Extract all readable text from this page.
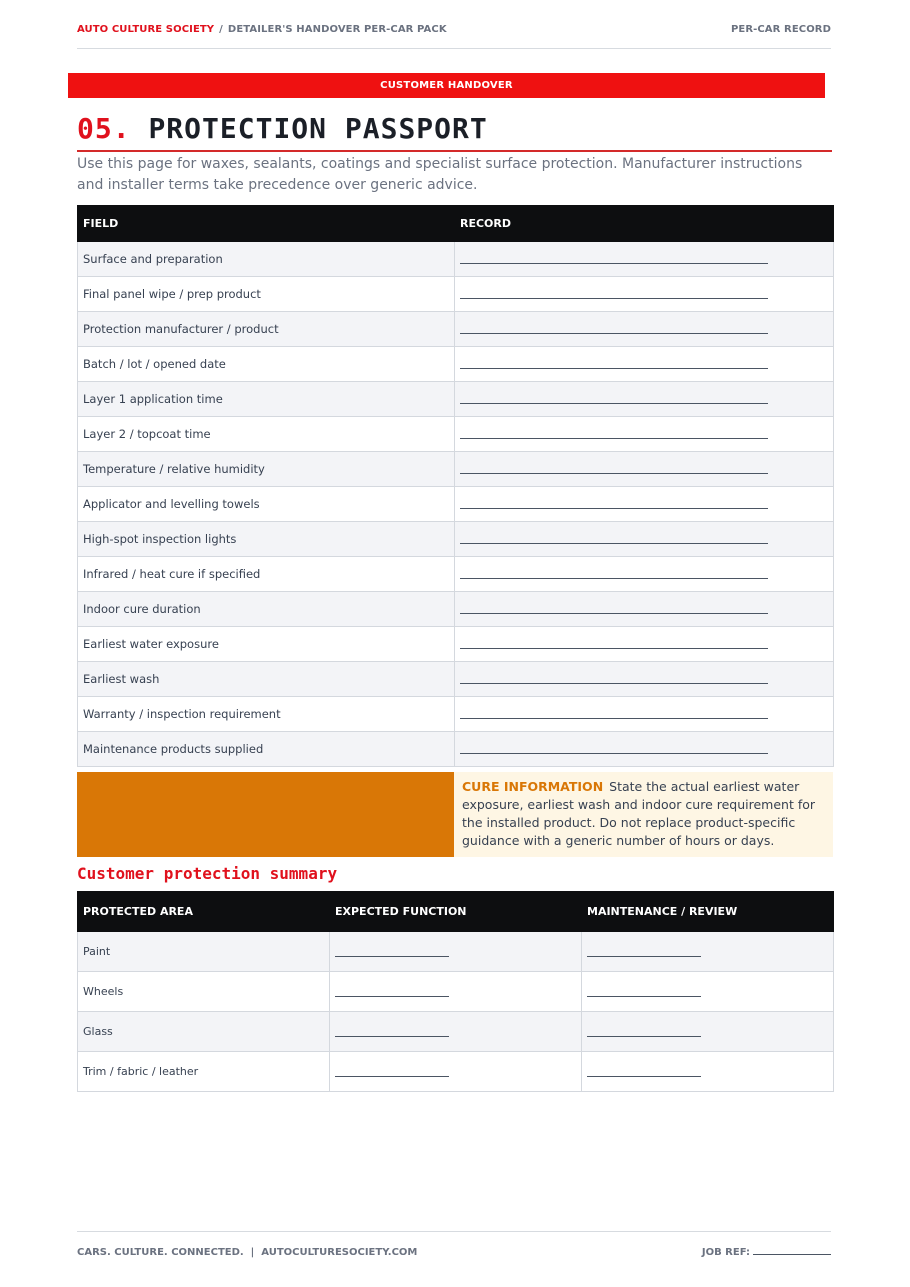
AUTO CULTURE SOCIETY / DETAILER'S HANDOVER PER-CAR PACK	PER-CAR RECORD
CUSTOMER HANDOVER
05.
PROTECTION PASSPORT
Use this page for waxes, sealants, coatings and specialist surface protection. Manufacturer instructions and installer terms take precedence over generic advice.
FIELD	RECORD
Surface and preparation	
Final panel wipe / prep product	
Protection manufacturer / product	
Batch / lot / opened date	
Layer 1 application time	
Layer 2 / topcoat time	
Temperature / relative humidity	
Applicator and levelling towels	
High-spot inspection lights	
Infrared / heat cure if specified	
Indoor cure duration	
Earliest water exposure	
Earliest wash	
Warranty / inspection requirement	
Maintenance products supplied	
CURE INFORMATION State the actual earliest water exposure, earliest wash and indoor cure requirement for the installed product. Do not replace product-specific guidance with a generic number of hours or days.
Customer protection summary
PROTECTED AREA	EXPECTED FUNCTION	MAINTENANCE / REVIEW
Paint		
Wheels		
Glass		
Trim / fabric / leather		
CARS. CULTURE. CONNECTED.  |  AUTOCULTURESOCIETY.COM	JOB REF:
